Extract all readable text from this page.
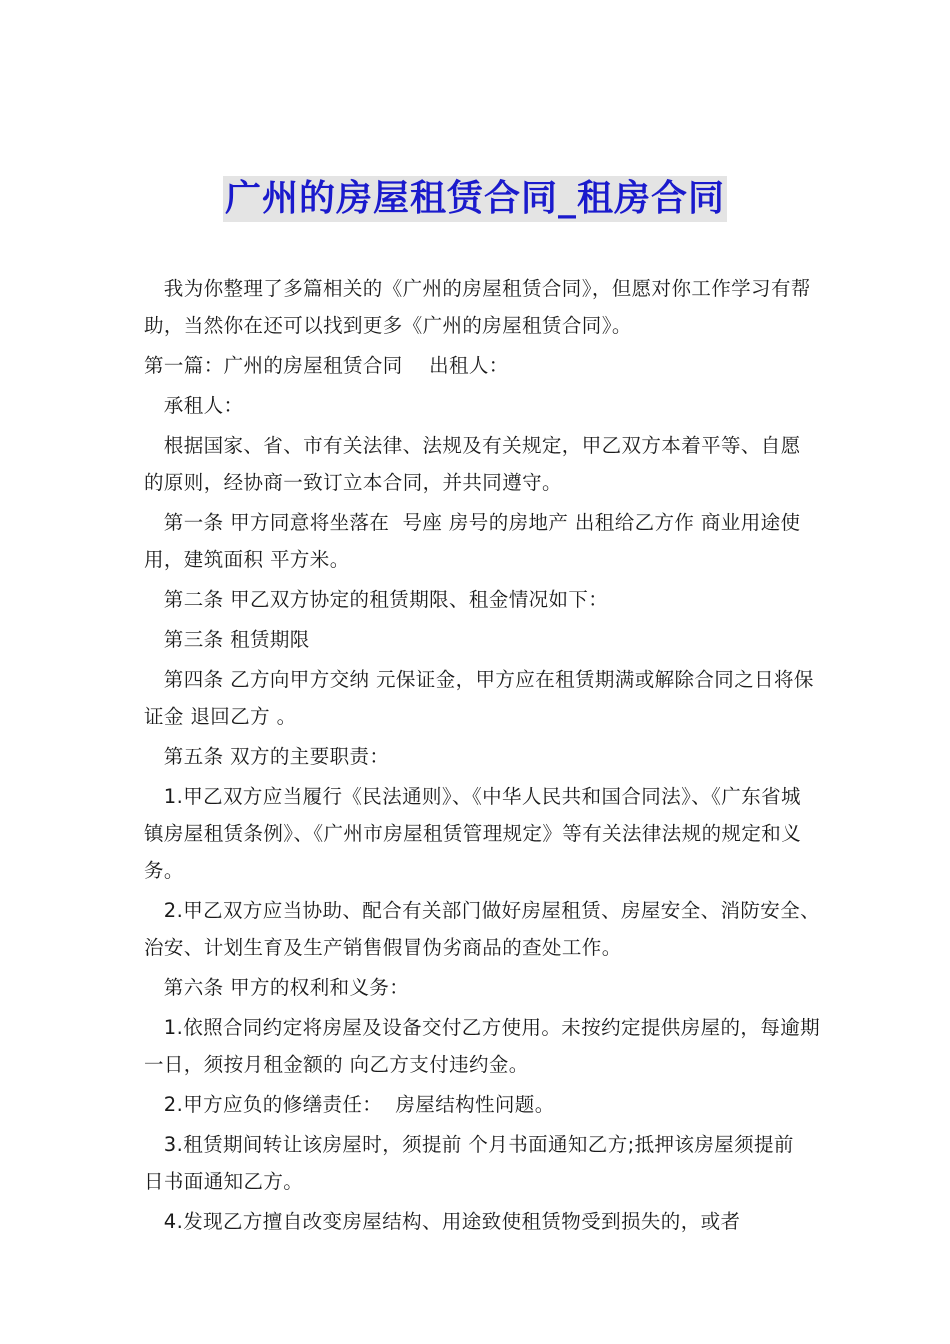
广州的房屋租赁合同_租房合同

我为你整理了多篇相关的《广州的房屋租赁合同》，但愿对你工作学习有帮助，当然你在还可以找到更多《广州的房屋租赁合同》。

第一篇：广州的房屋租赁合同    出租人：

承租人：

根据国家、省、市有关法律、法规及有关规定，甲乙双方本着平等、自愿的原则，经协商一致订立本合同，并共同遵守。

第一条 甲方同意将坐落在  号座 房号的房地产 出租给乙方作 商业用途使用，建筑面积 平方米。

第二条 甲乙双方协定的租赁期限、租金情况如下：

第三条 租赁期限

第四条 乙方向甲方交纳 元保证金，甲方应在租赁期满或解除合同之日将保证金 退回乙方 。

第五条 双方的主要职责：

1.甲乙双方应当履行《民法通则》、《中华人民共和国合同法》、《广东省城镇房屋租赁条例》、《广州市房屋租赁管理规定》等有关法律法规的规定和义务。

2.甲乙双方应当协助、配合有关部门做好房屋租赁、房屋安全、消防安全、治安、计划生育及生产销售假冒伪劣商品的查处工作。

第六条 甲方的权利和义务：

1.依照合同约定将房屋及设备交付乙方使用。未按约定提供房屋的，每逾期一日，须按月租金额的 向乙方支付违约金。

2.甲方应负的修缮责任：  房屋结构性问题。

3.租赁期间转让该房屋时，须提前 个月书面通知乙方;抵押该房屋须提前 日书面通知乙方。

4.发现乙方擅自改变房屋结构、用途致使租赁物受到损失的，或者
